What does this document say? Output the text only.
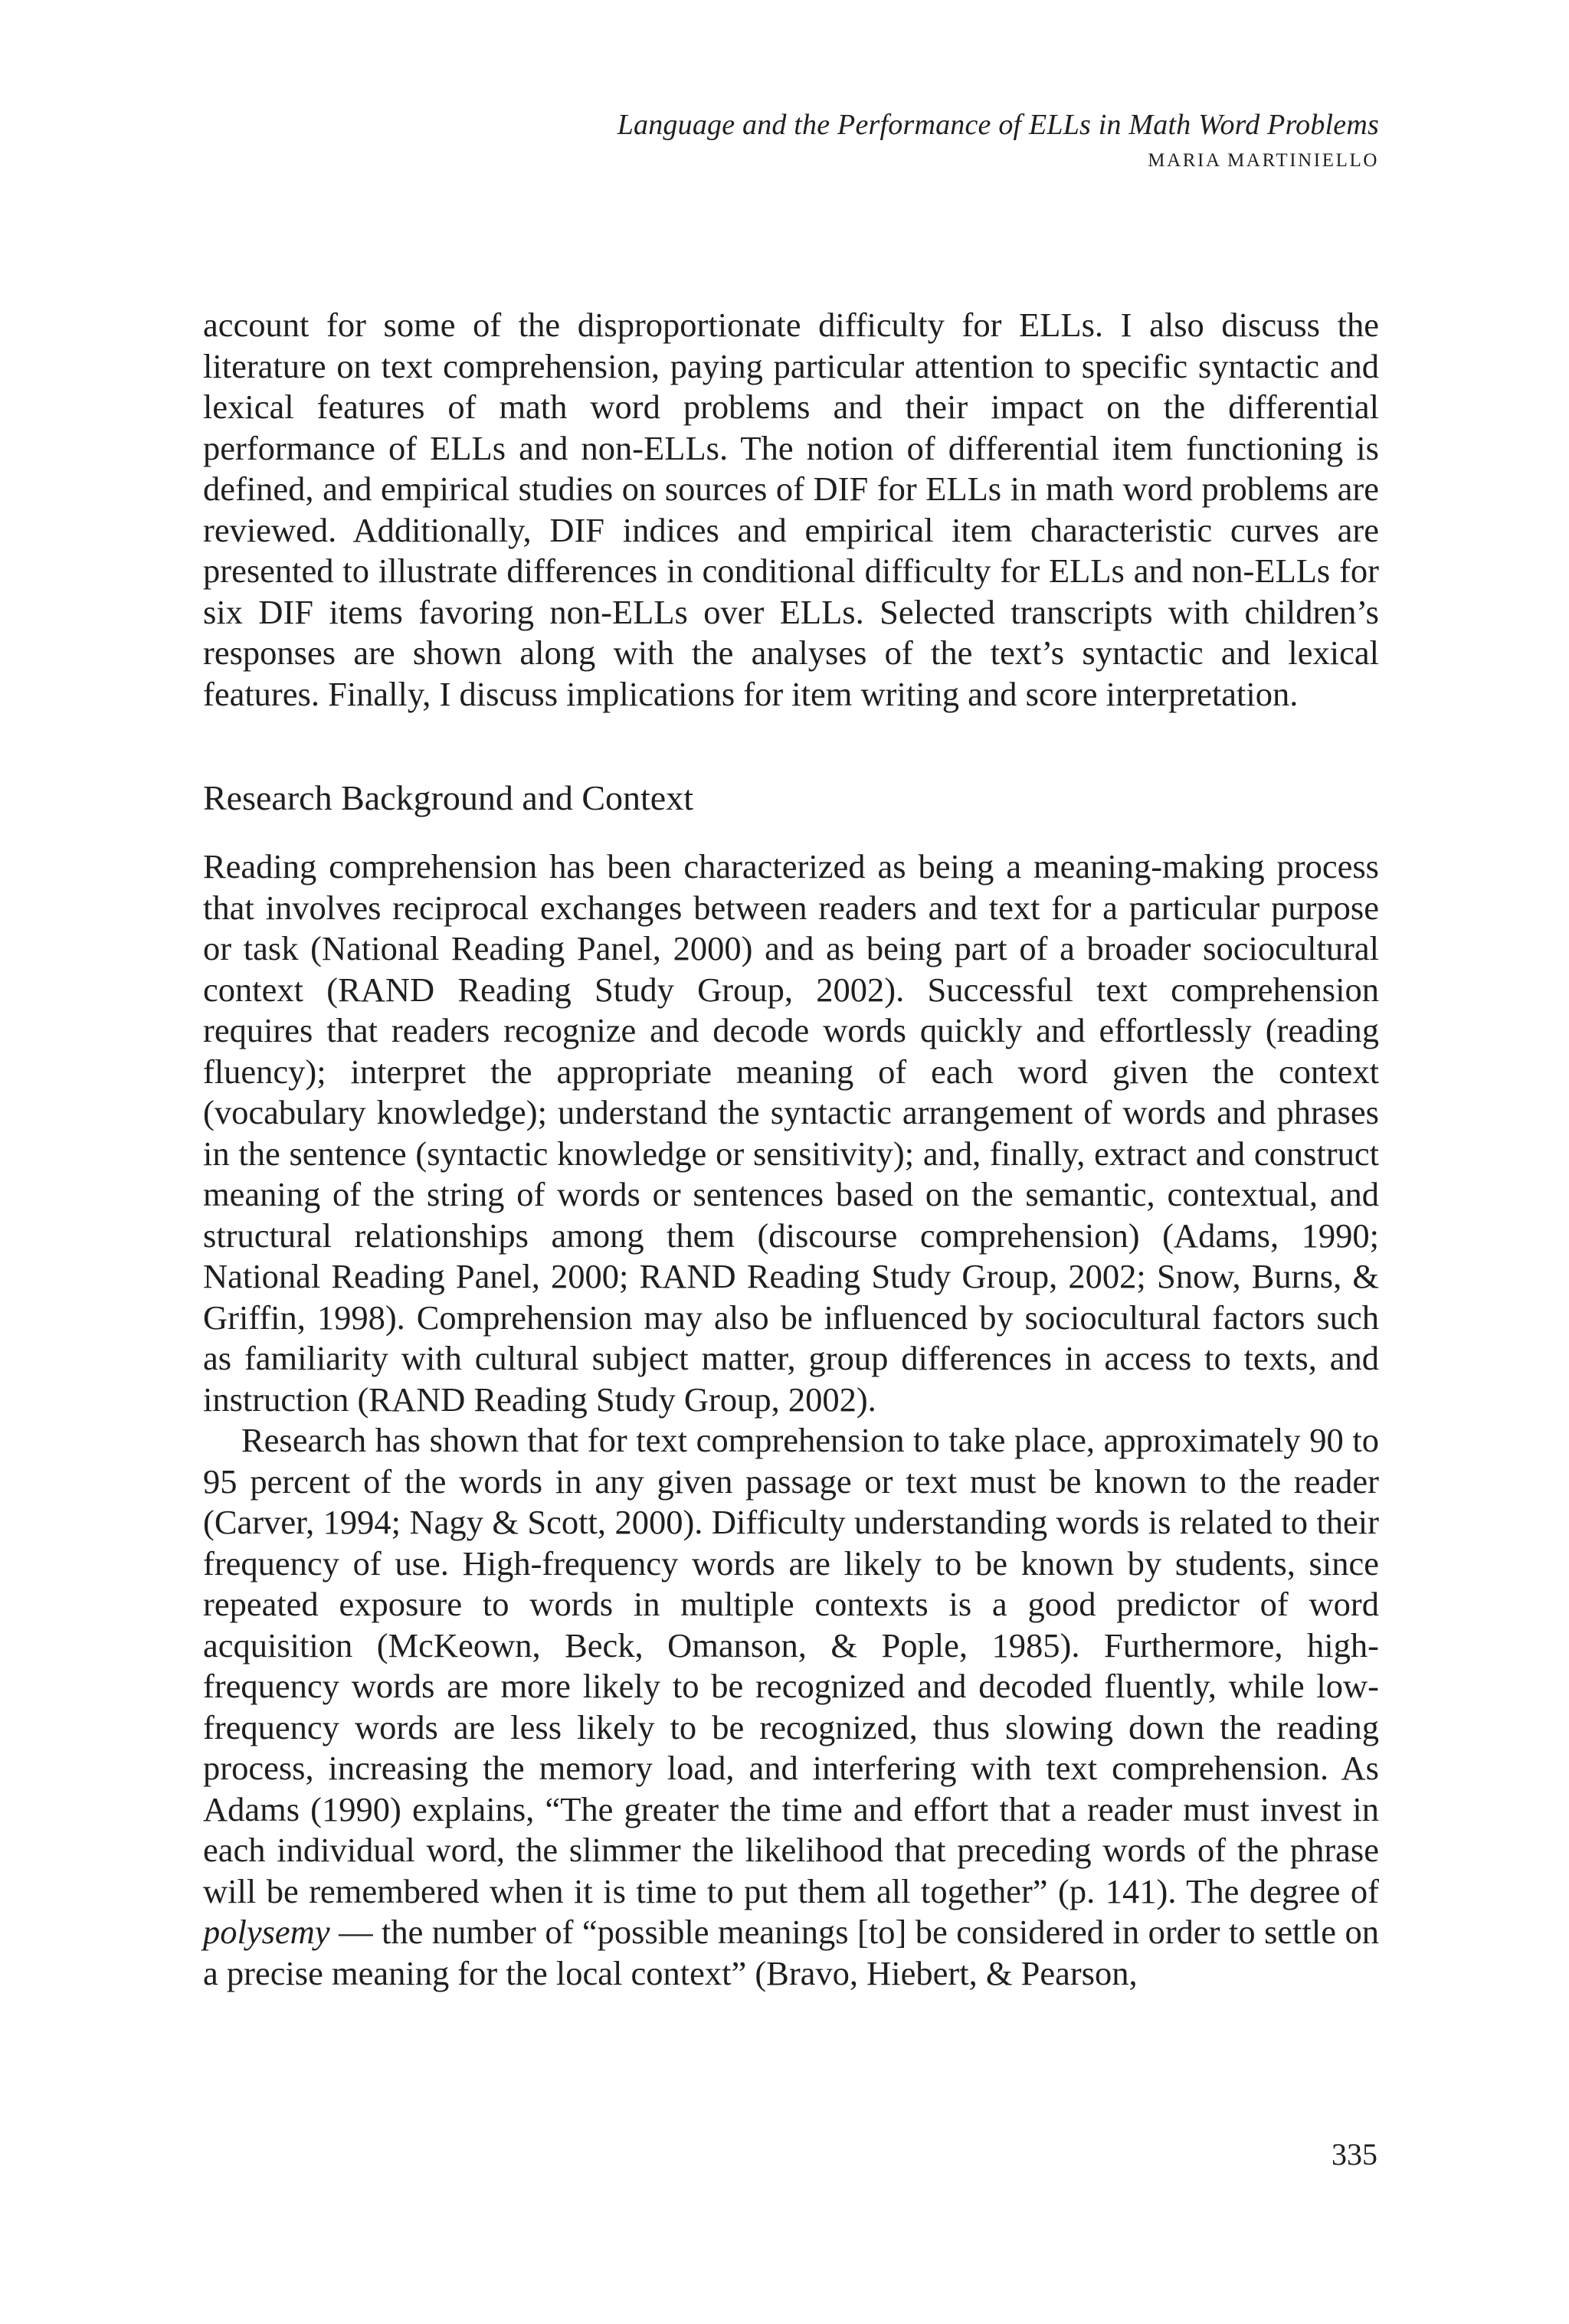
Language and the Performance of ELLs in Math Word Problems
MARIA MARTINIELLO

account for some of the disproportionate difficulty for ELLs. I also discuss the literature on text comprehension, paying particular attention to specific syntactic and lexical features of math word problems and their impact on the differential performance of ELLs and non-ELLs. The notion of differential item functioning is defined, and empirical studies on sources of DIF for ELLs in math word problems are reviewed. Additionally, DIF indices and empirical item characteristic curves are presented to illustrate differences in conditional difficulty for ELLs and non-ELLs for six DIF items favoring non-ELLs over ELLs. Selected transcripts with children’s responses are shown along with the analyses of the text’s syntactic and lexical features. Finally, I discuss implications for item writing and score interpretation.

Research Background and Context

Reading comprehension has been characterized as being a meaning-making process that involves reciprocal exchanges between readers and text for a particular purpose or task (National Reading Panel, 2000) and as being part of a broader sociocultural context (RAND Reading Study Group, 2002). Successful text comprehension requires that readers recognize and decode words quickly and effortlessly (reading fluency); interpret the appropriate meaning of each word given the context (vocabulary knowledge); understand the syntactic arrangement of words and phrases in the sentence (syntactic knowledge or sensitivity); and, finally, extract and construct meaning of the string of words or sentences based on the semantic, contextual, and structural relationships among them (discourse comprehension) (Adams, 1990; National Reading Panel, 2000; RAND Reading Study Group, 2002; Snow, Burns, & Griffin, 1998). Comprehension may also be influenced by sociocultural factors such as familiarity with cultural subject matter, group differences in access to texts, and instruction (RAND Reading Study Group, 2002).

Research has shown that for text comprehension to take place, approximately 90 to 95 percent of the words in any given passage or text must be known to the reader (Carver, 1994; Nagy & Scott, 2000). Difficulty understanding words is related to their frequency of use. High-frequency words are likely to be known by students, since repeated exposure to words in multiple contexts is a good predictor of word acquisition (McKeown, Beck, Omanson, & Pople, 1985). Furthermore, high-frequency words are more likely to be recognized and decoded fluently, while low-frequency words are less likely to be recognized, thus slowing down the reading process, increasing the memory load, and interfering with text comprehension. As Adams (1990) explains, “The greater the time and effort that a reader must invest in each individual word, the slimmer the likelihood that preceding words of the phrase will be remembered when it is time to put them all together” (p. 141). The degree of polysemy — the number of “possible meanings [to] be considered in order to settle on a precise meaning for the local context” (Bravo, Hiebert, & Pearson,

335
